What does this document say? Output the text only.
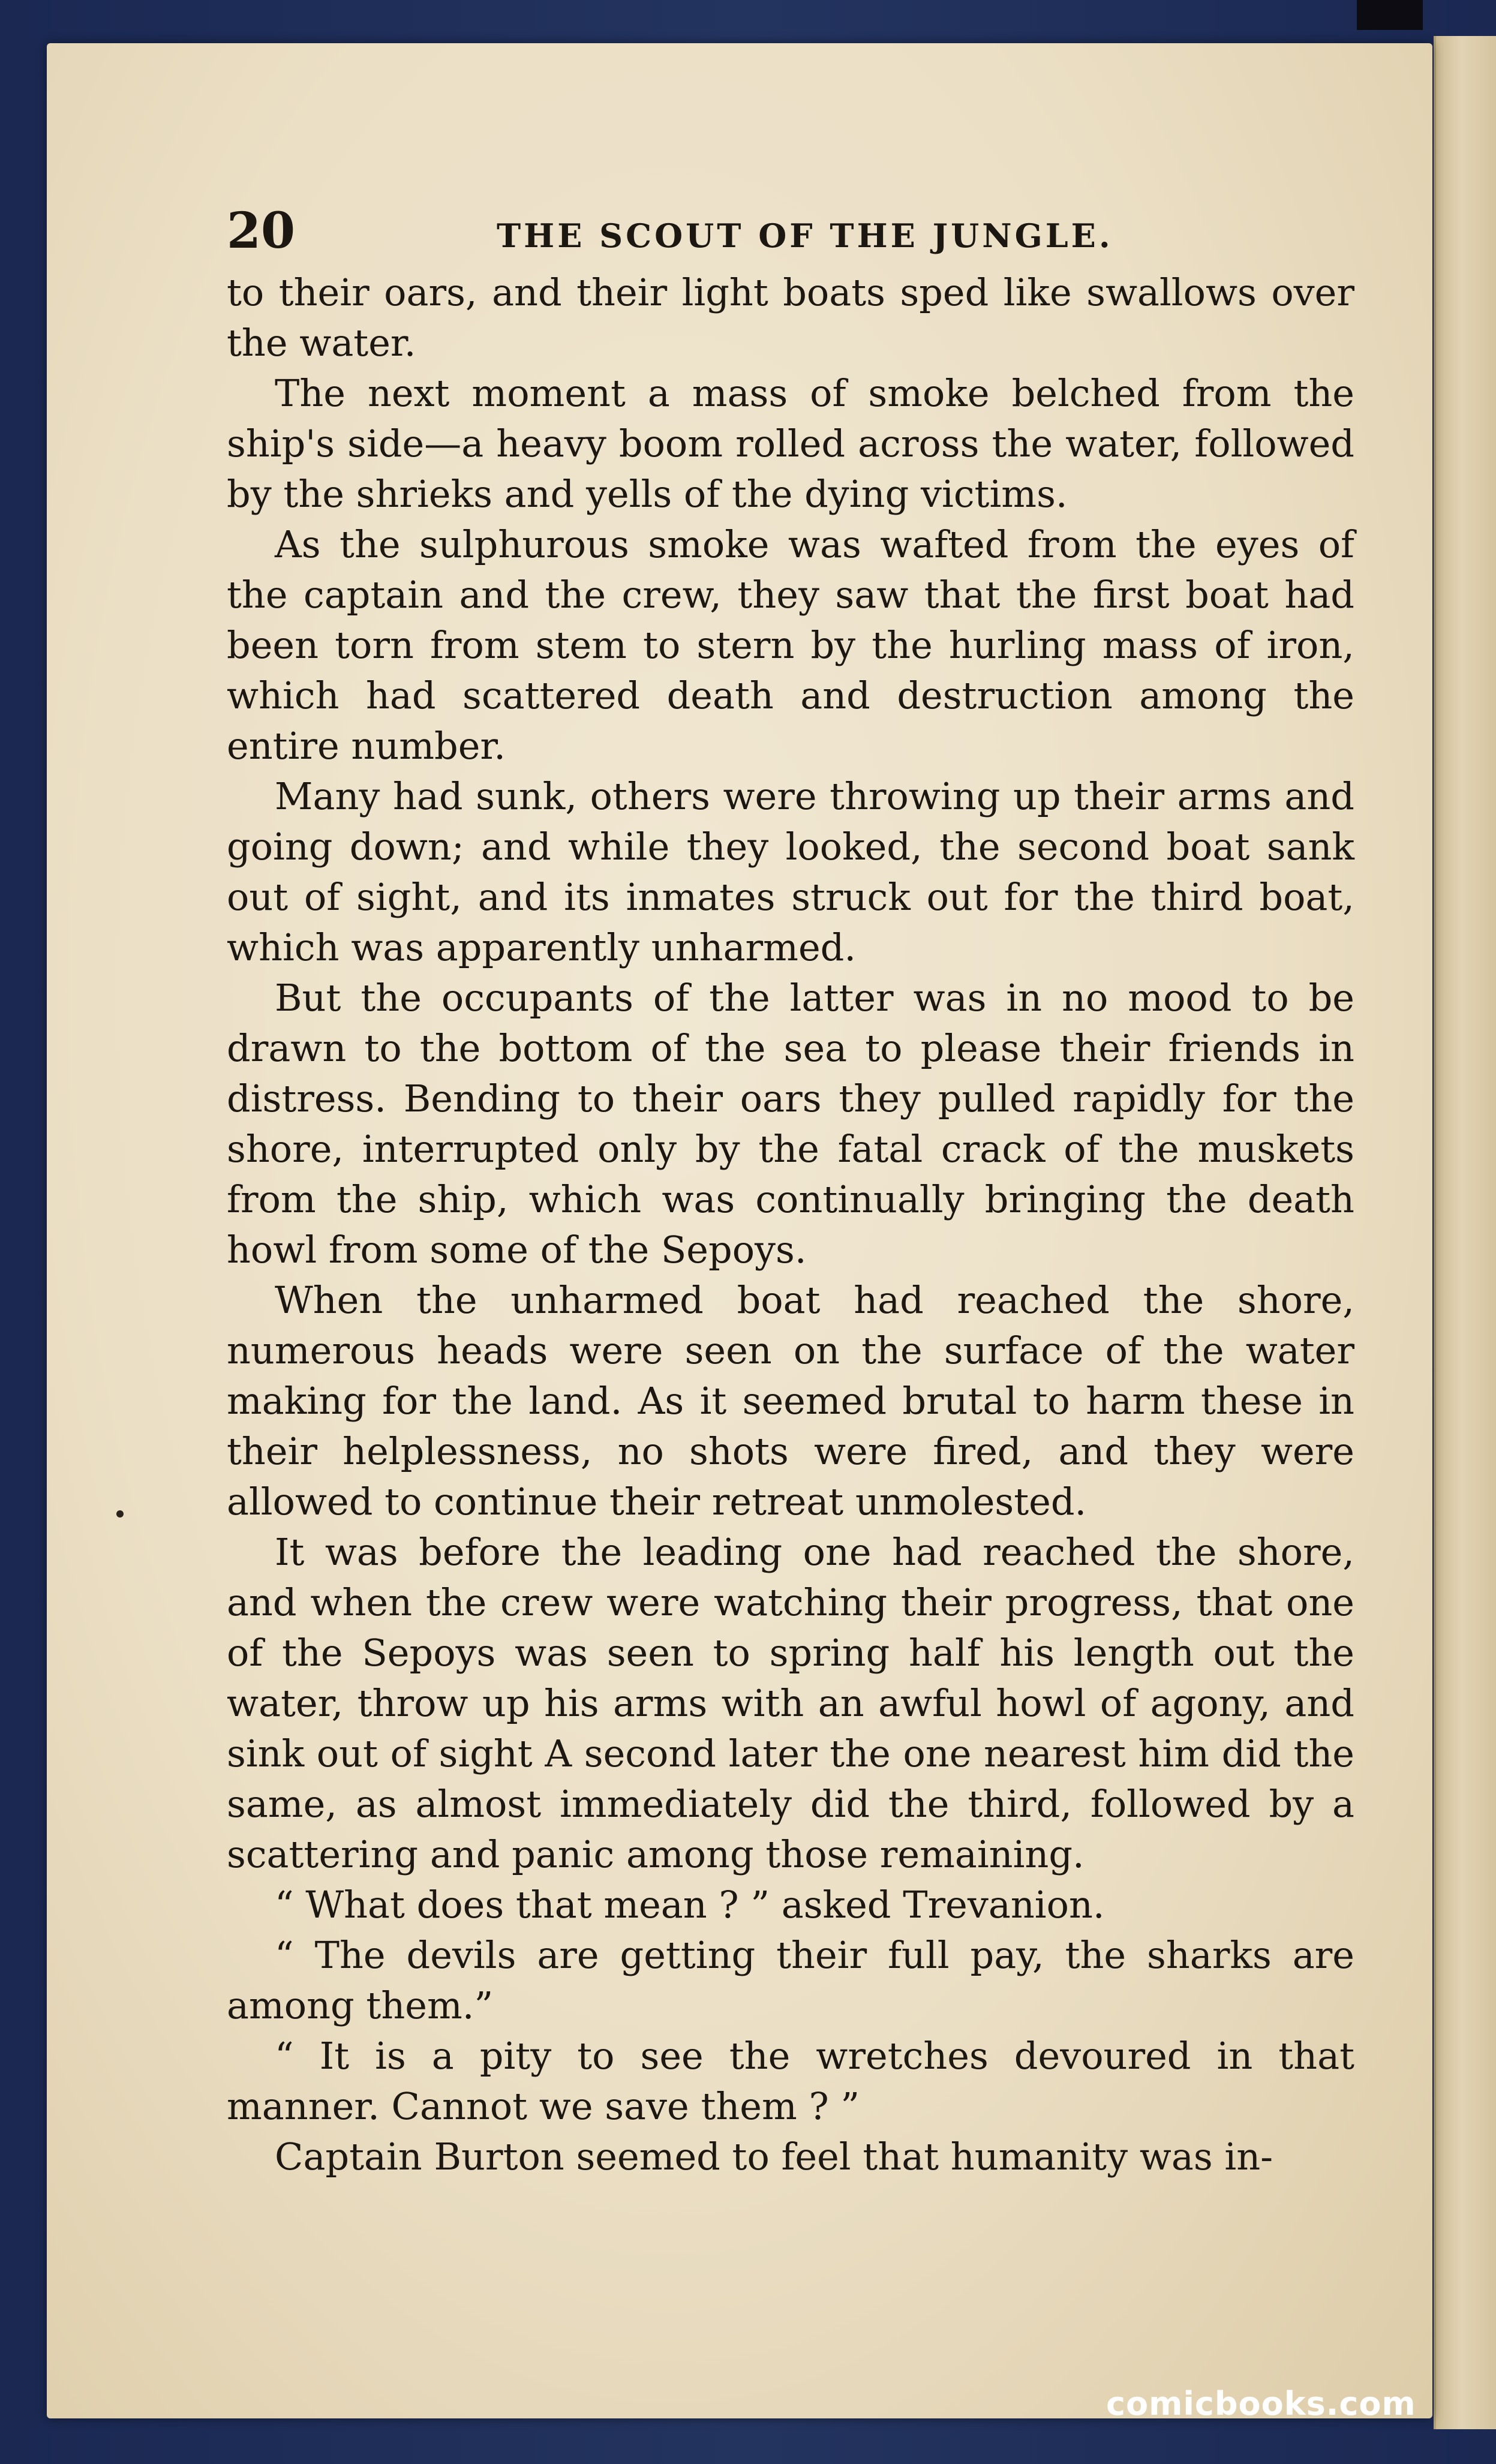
20	THE SCOUT OF THE JUNGLE.

to their oars, and their light boats sped like swallows over the water.

The next moment a mass of smoke belched from the ship's side—a heavy boom rolled across the water, followed by the shrieks and yells of the dying victims.

As the sulphurous smoke was wafted from the eyes of the captain and the crew, they saw that the first boat had been torn from stem to stern by the hurling mass of iron, which had scattered death and destruction among the entire number.

Many had sunk, others were throwing up their arms and going down; and while they looked, the second boat sank out of sight, and its inmates struck out for the third boat, which was apparently unharmed.

But the occupants of the latter was in no mood to be drawn to the bottom of the sea to please their friends in distress. Bending to their oars they pulled rapidly for the shore, interrupted only by the fatal crack of the muskets from the ship, which was continually bringing the death howl from some of the Sepoys.

When the unharmed boat had reached the shore, numerous heads were seen on the surface of the water making for the land. As it seemed brutal to harm these in their helplessness, no shots were fired, and they were allowed to continue their retreat unmolested.

It was before the leading one had reached the shore, and when the crew were watching their progress, that one of the Sepoys was seen to spring half his length out the water, throw up his arms with an awful howl of agony, and sink out of sight A second later the one nearest him did the same, as almost immediately did the third, followed by a scattering and panic among those remaining.

“ What does that mean ? ” asked Trevanion.

“ The devils are getting their full pay, the sharks are among them.”

“ It is a pity to see the wretches devoured in that manner. Cannot we save them ? ”

Captain Burton seemed to feel that humanity was in-

comicbooks.com
